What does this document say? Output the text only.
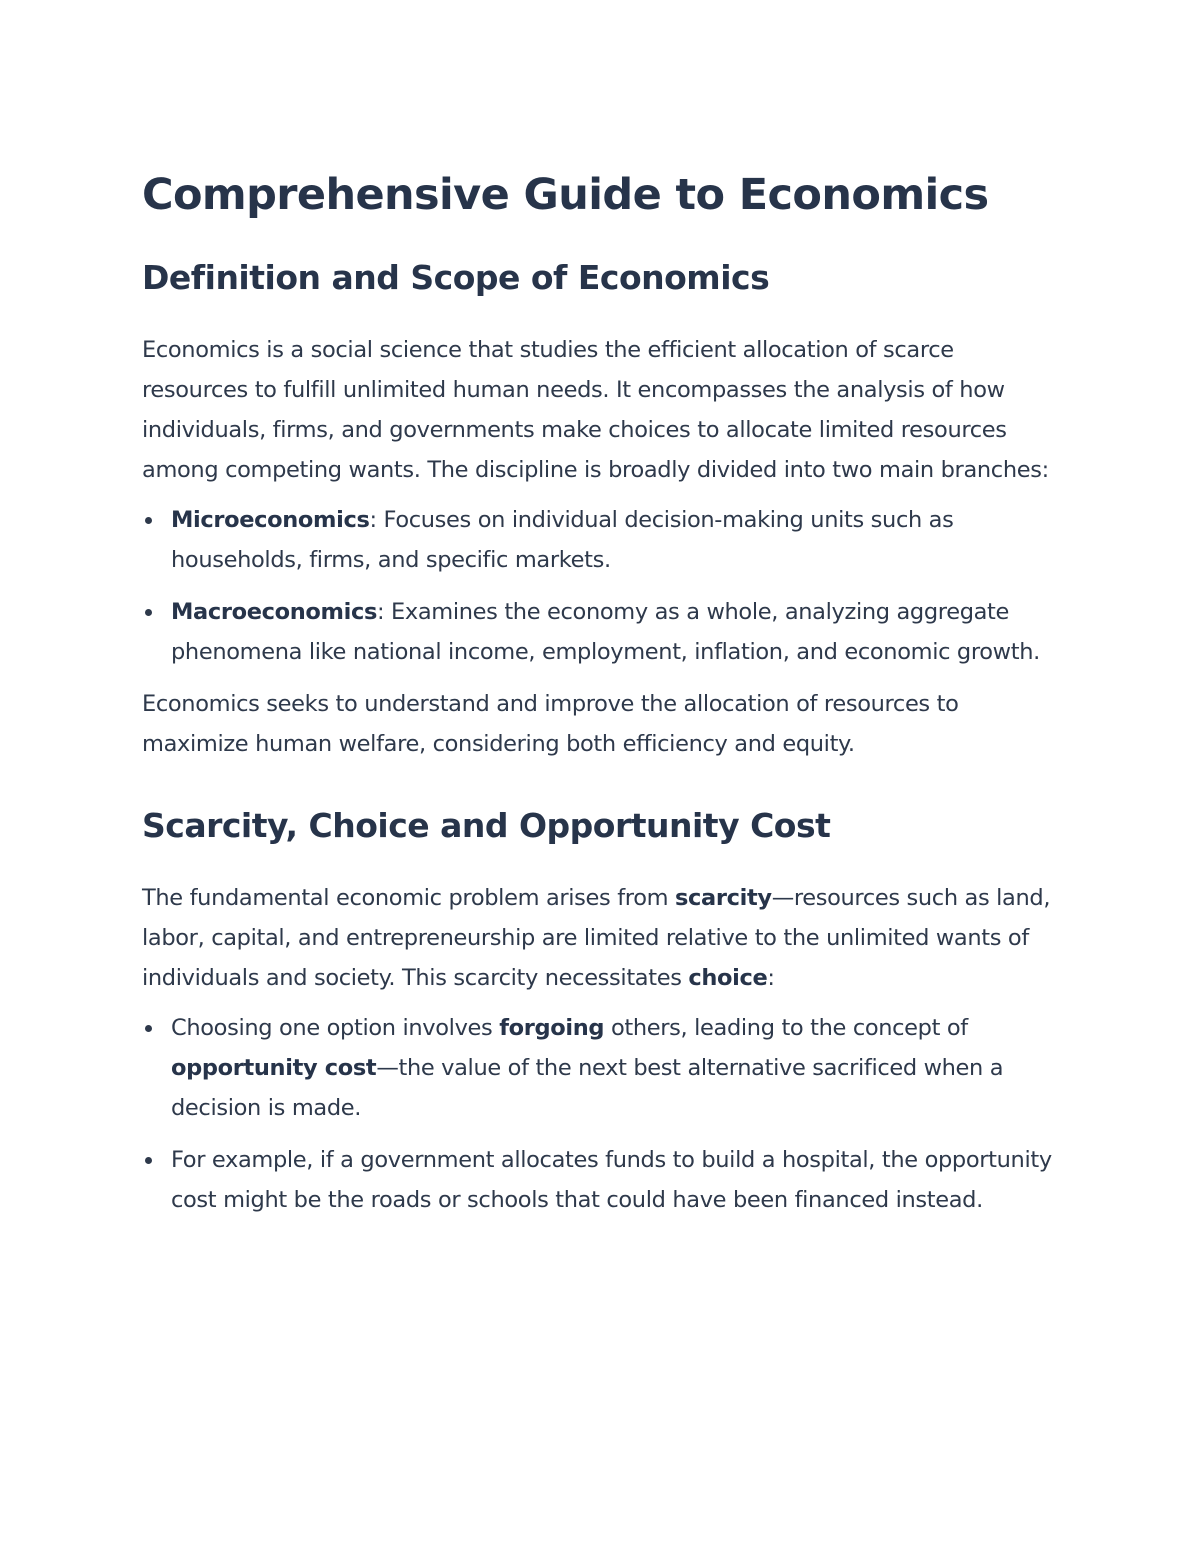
Comprehensive Guide to Economics
Definition and Scope of Economics

Economics is a social science that studies the efficient allocation of scarce resources to fulfill unlimited human needs. It encompasses the analysis of how individuals, firms, and governments make choices to allocate limited resources among competing wants. The discipline is broadly divided into two main branches:

Microeconomics: Focuses on individual decision-making units such as households, firms, and specific markets.
Macroeconomics: Examines the economy as a whole, analyzing aggregate phenomena like national income, employment, inflation, and economic growth.

Economics seeks to understand and improve the allocation of resources to maximize human welfare, considering both efficiency and equity.

Scarcity, Choice and Opportunity Cost

The fundamental economic problem arises from scarcity—resources such as land, labor, capital, and entrepreneurship are limited relative to the unlimited wants of individuals and society. This scarcity necessitates choice:

Choosing one option involves forgoing others, leading to the concept of opportunity cost—the value of the next best alternative sacrificed when a decision is made.
For example, if a government allocates funds to build a hospital, the opportunity cost might be the roads or schools that could have been financed instead.
